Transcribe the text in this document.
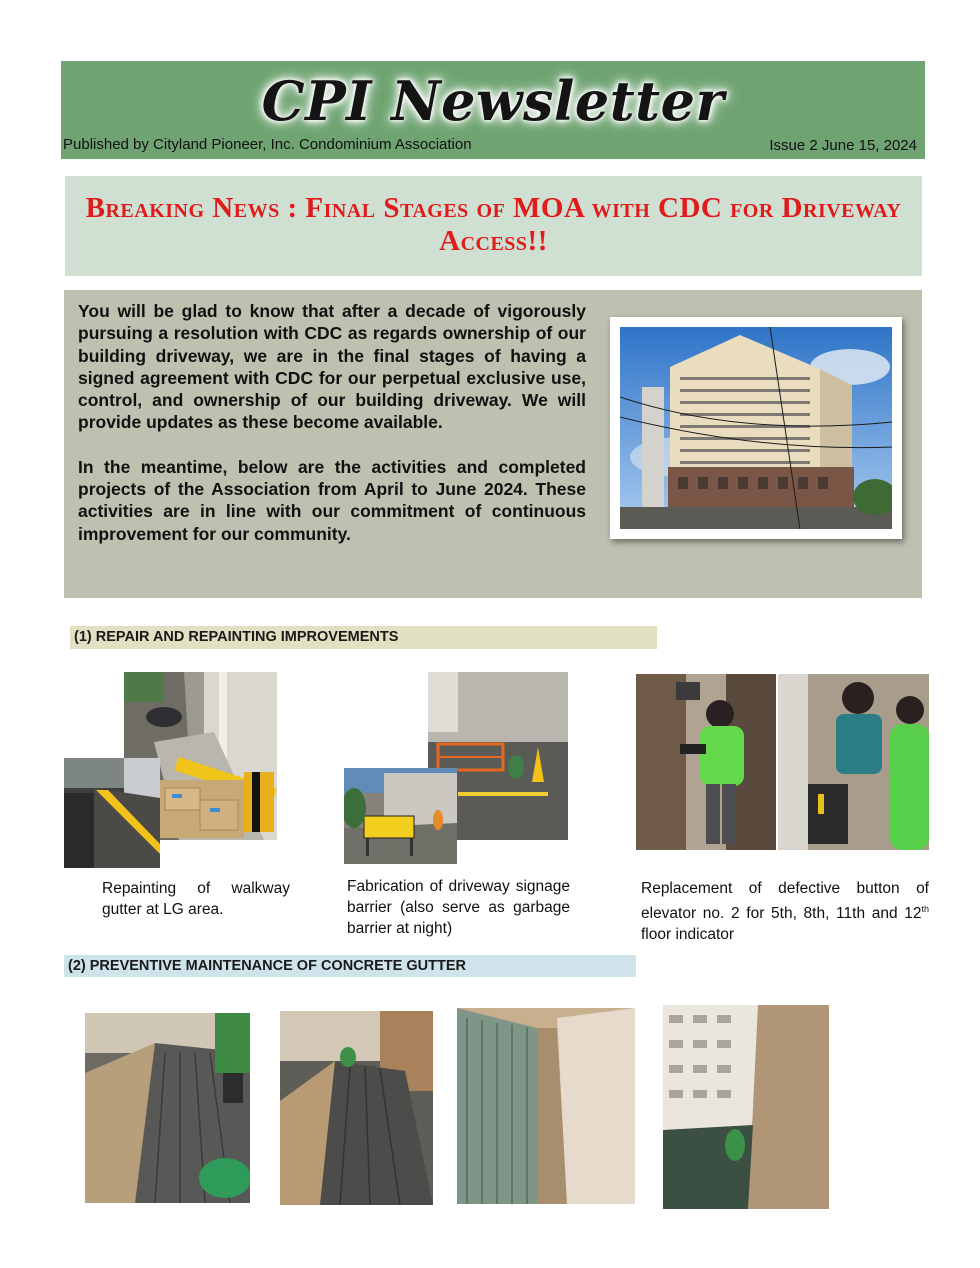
CPI Newsletter
Published by Cityland Pioneer, Inc. Condominium Association	Issue 2 June 15, 2024
Breaking News : Final Stages of MOA with CDC for Driveway Access!!

You will be glad to know that after a decade of vigorously pursuing a resolution with CDC as regards ownership of our building driveway, we are in the final stages of having a signed agreement with CDC for our perpetual exclusive use, control, and ownership of our building driveway. We will provide updates as these become available.

In the meantime, below are the activities and completed projects of the Association from April to June 2024. These activities are in line with our commitment of continuous improvement for our community.

(1) REPAIR AND REPAINTING IMPROVEMENTS
Repainting of walkway gutter at LG area.
Fabrication of driveway signage barrier (also serve as garbage barrier at night)
Replacement of defective button of elevator no. 2 for 5th, 8th, 11th and 12th floor indicator
(2) PREVENTIVE MAINTENANCE OF CONCRETE GUTTER
